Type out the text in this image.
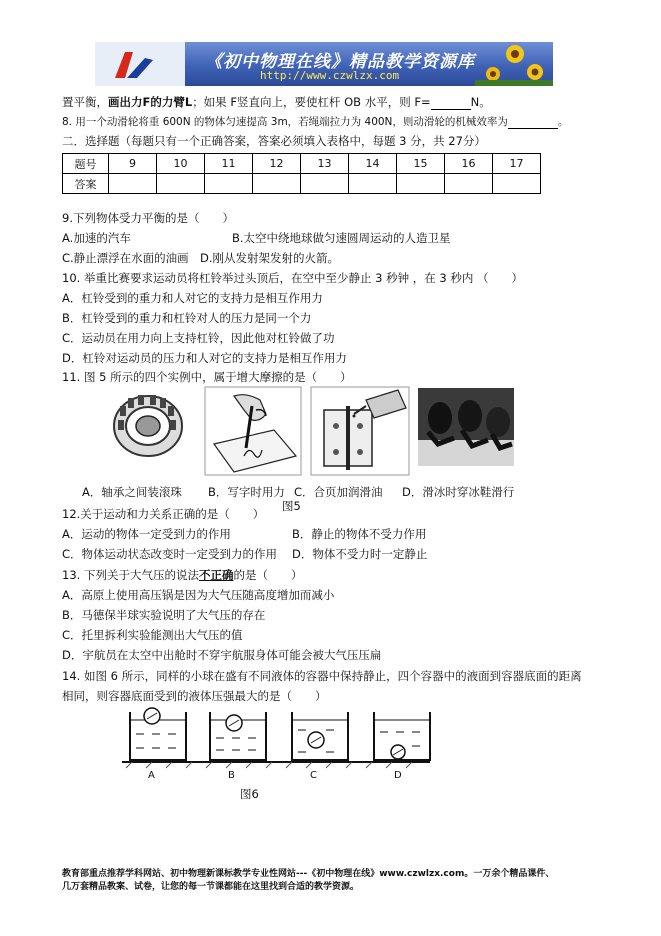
《初中物理在线》精品教学资源库
http://www.czwlzx.com
置平衡，画出力F的力臂L；如果 F竖直向上，要使杠杆 OB 水平，则 F=	N。
8. 用一个动滑轮将重 600N 的物体匀速提高 3m，若绳端拉力为 400N，则动滑轮的机械效率为	。
二．选择题（每题只有一个正确答案，答案必须填入表格中，每题 3 分，共 27分）
题号	9	10	11	12	13	14	15	16	17
答案									
9.下列物体受力平衡的是（　　）
A.加速的汽车	B.太空中绕地球做匀速圆周运动的人造卫星
C.静止漂浮在水面的油画 D.刚从发射架发射的火箭。
10. 举重比赛要求运动员将杠铃举过头顶后，在空中至少静止 3 秒钟 ，在 3 秒内 （　　）
A．杠铃受到的重力和人对它的支持力是相互作用力
B．杠铃受到的重力和杠铃对人的压力是同一个力
C．运动员在用力向上支持杠铃，因此他对杠铃做了功
D．杠铃对运动员的压力和人对它的支持力是相互作用力
11. 图 5 所示的四个实例中，属于增大摩擦的是（　　）
A．轴承之间装滚珠 B．写字时用力 C．合页加润滑油 D．滑冰时穿冰鞋滑行
图5
12.关于运动和力关系正确的是（　　）
A．运动的物体一定受到力的作用	B．静止的物体不受力作用
C．物体运动状态改变时一定受到力的作用 D．物体不受力时一定静止
13. 下列关于大气压的说法不正确的是（　　）
A．高原上使用高压锅是因为大气压随高度增加而减小
B．马德保半球实验说明了大气压的存在
C．托里拆利实验能测出大气压的值
D．宇航员在太空中出舱时不穿宇航服身体可能会被大气压压扁
14. 如图 6 所示，同样的小球在盛有不同液体的容器中保持静止，四个容器中的液面到容器底面的距离
相同，则容器底面受到的液体压强最大的是（　　）
A	B	C	D
图6
教育部重点推荐学科网站、初中物理新课标教学专业性网站---《初中物理在线》www.czwlzx.com。一万余个精品课件、
几万套精品教案、试卷，让您的每一节课都能在这里找到合适的教学资源。
